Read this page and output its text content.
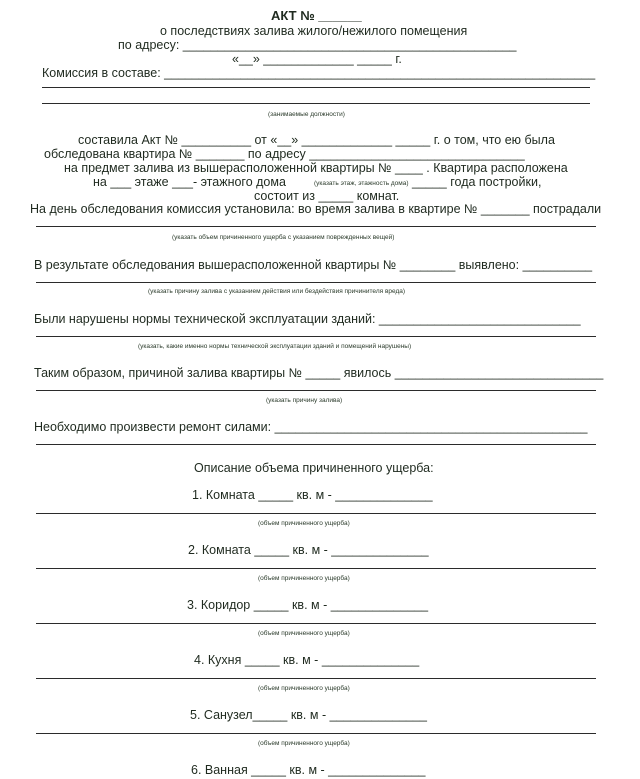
АКТ № ______
о последствиях залива жилого/нежилого помещения
по адресу: ________________________________________________
«__» _____________ _____ г.
Комиссия в составе: ______________________________________________________________
(занимаемые должности)
составила Акт № __________ от «__» _____________ _____ г. о том, что ею была
обследована квартира № _______ по адресу _______________________________
на предмет залива из вышерасположенной квартиры № ____ . Квартира расположена
на ___ этаже ___- этажного дома	(указать этаж, этажность дома) _____ года постройки,
состоит из _____ комнат.
На день обследования комиссия установила: во время залива в квартире № _______ пострадали
(указать объем причиненного ущерба с указанием поврежденных вещей)
В результате обследования вышерасположенной квартиры № ________ выявлено: __________
(указать причину залива с указанием действия или бездействия причинителя вреда)
Были нарушены нормы технической эксплуатации зданий: _____________________________
(указать, какие именно нормы технической эксплуатации зданий и помещений нарушены)
Таким образом, причиной залива квартиры № _____ явилось ______________________________
(указать причину залива)
Необходимо произвести ремонт силами: _____________________________________________
Описание объема причиненного ущерба:
1. Комната _____ кв. м - ______________
(объем причиненного ущерба)
2. Комната _____ кв. м - ______________
(объем причиненного ущерба)
3. Коридор _____ кв. м - ______________
(объем причиненного ущерба)
4. Кухня _____ кв. м - ______________
(объем причиненного ущерба)
5. Санузел_____ кв. м - ______________
(объем причиненного ущерба)
6. Ванная _____ кв. м - ______________
